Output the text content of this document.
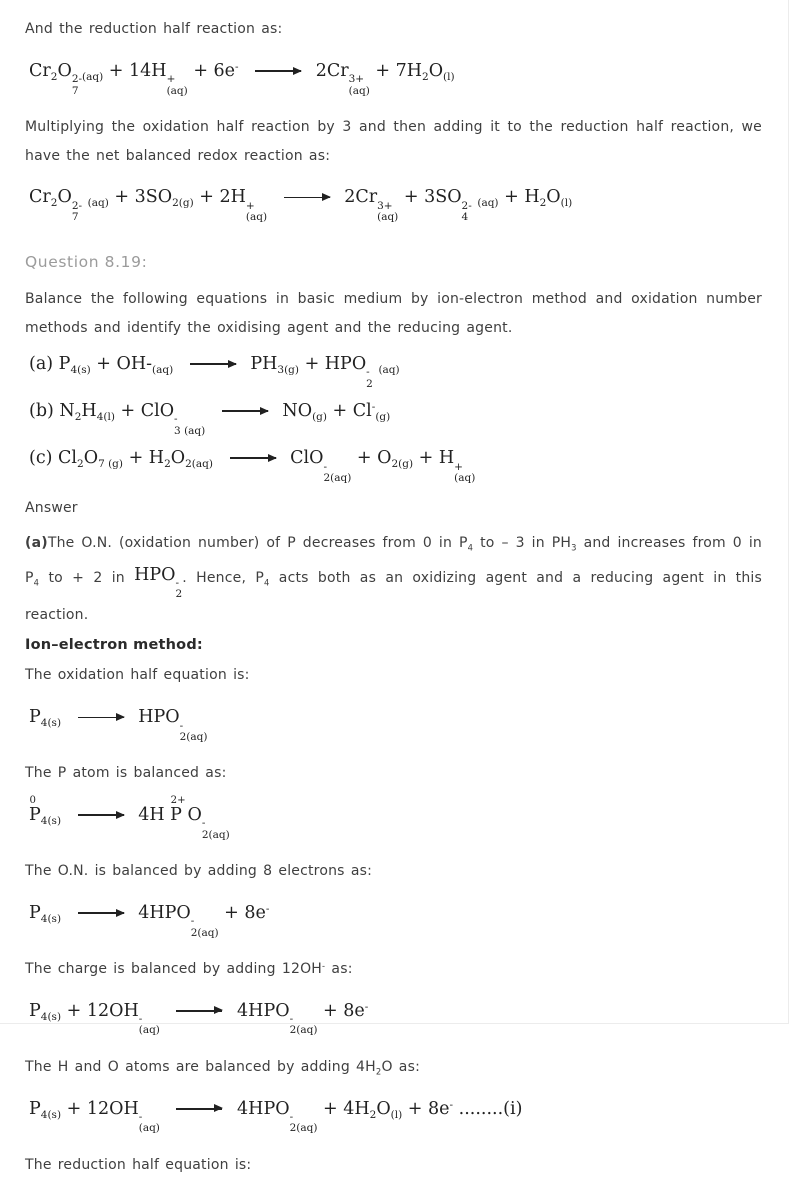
And the reduction half reaction as:
$Cr_2O$ 2-
7
$_{(aq)}$ + 14H +
(aq)
+ 6e- → 2Cr 3+
(aq)
+ $7H_2O_{(l)}$
Multiplying the oxidation half reaction by 3 and then adding it to the reduction half reaction, we have the net balanced redox reaction as:
$Cr_2O$ 2-
7
$_{(aq)} + 3SO_{2(g)} + 2H$ +
(aq)
→ 2Cr 3+
(aq)
+ 3SO 2-
4
$_{(aq)} + H_2O_{(l)}$
Question 8.19:
Balance the following equations in basic medium by ion-electron method and oxidation number methods and identify the oxidising agent and the reducing agent.
(a) $P_{4(s)} + OH-_{(aq)} \to PH_{3(g)}$ + HPO -
2
$_{(aq)}$
(b) $N_2H_{4(l)}$ + ClO -
3 (aq)
→ $NO_{(g)} + Cl^-_{(g)}$
(c) $Cl_2O_{7 (g)} + H_2O_{2(aq)}$ → ClO -
2(aq)
+ $O_{2(g)} + H$ +
(aq)
Answer
(a)The O.N. (oxidation number) of P decreases from 0 in $P_4$ to – 3 in $PH_3$ and increases from 0 in $P_4$ to + 2 in HPO -
2
. Hence, $P_4$ acts both as an oxidizing agent and a reducing agent in this reaction.
Ion–electron method:
The oxidation half equation is:
$P_{4(s)}$ → HPO -
2(aq)
The P atom is balanced as:
0
$P_{4(s)} \to 4H$
2+
P O -
2(aq)
The O.N. is balanced by adding 8 electrons as:
$P_{4(s)} \to 4HPO$ -
2(aq)
+ 8e-
The charge is balanced by adding 12OH- as:
$P_{4(s)} + 12OH$ -
(aq)
→ 4HPO -
2(aq)
+ 8e-
The H and O atoms are balanced by adding $4H_2O$ as:
$P_{4(s)} + 12OH$ -
(aq)
→ 4HPO -
2(aq)
+ $4H_2O_{(l)} + 8e^-$ ........(i)
The reduction half equation is:
